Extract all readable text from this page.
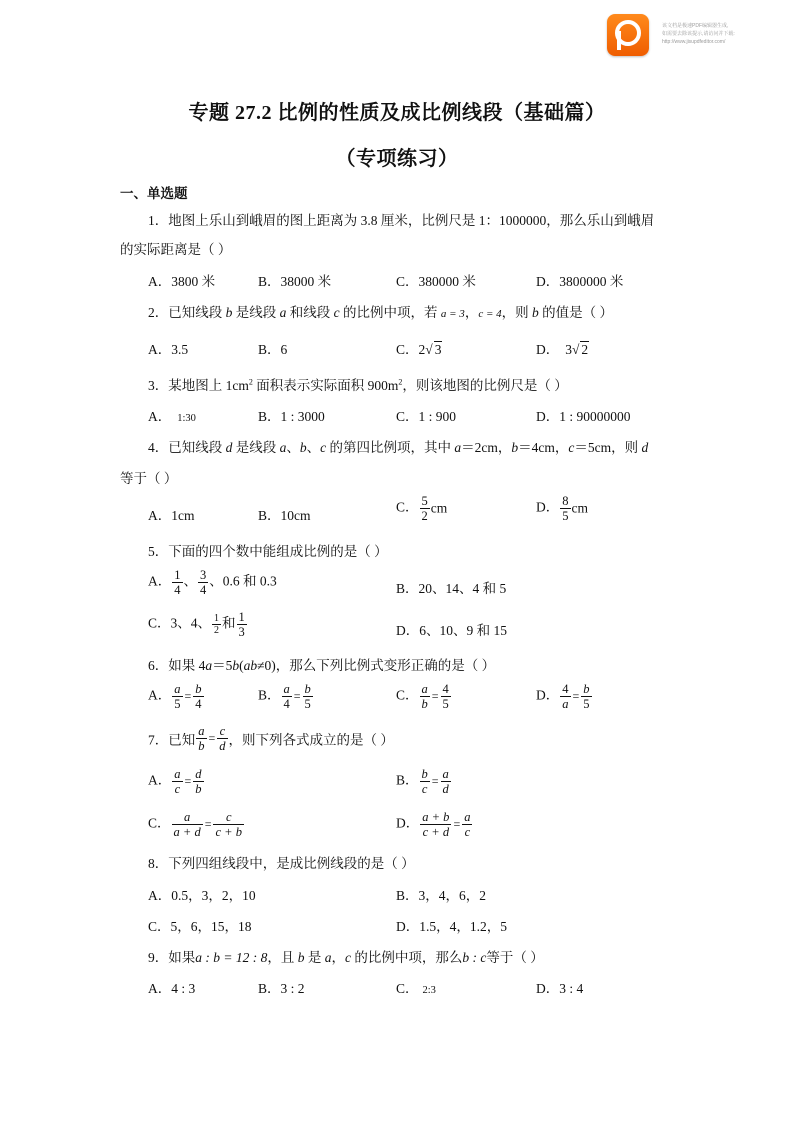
该文档是极速PDF编辑器生成,
如需要去除该提示,请访问并下载:
http://www.jisupdfeditor.com/
专题 27.2 比例的性质及成比例线段（基础篇）
（专项练习）
一、单选题
1．地图上乐山到峨眉的图上距离为 3.8 厘米，比例尺是 1：1000000，那么乐山到峨眉
的实际距离是（ ）
A．3800 米	B．38000 米	C．380000 米	D．3800000 米
2．已知线段 b 是线段 a 和线段 c 的比例中项，若 a = 3，c = 4，则 b 的值是（ ）
A．3.5	B．6	C．2√ 3	D． 3√ 2
3．某地图上 $1cm^2$ 面积表示实际面积 $900m^2$，则该地图的比例尺是（ ）
A． 1:30	B．1 : 3000	C．1 : 900	D．1 : 90000000
4．已知线段 d 是线段 a、b、c 的第四比例项，其中 a＝2cm，b＝4cm，c＝5cm，则 d
等于（ ）
A．1cm	B．10cm
C． $\frac{5}{2}$ cm	D． $\frac{8}{5}$ cm
5．下面的四个数中能组成比例的是（ ）
A． $\frac{1}{4}$ 、 $\frac{3}{4}$ 、0.6 和 0.3	B．20、14、4 和 5
C．3、4、 $\frac{1}{2}$ 和 $\frac{1}{3}$	D．6、10、9 和 15
6．如果 4a＝5b(ab≠0)，那么下列比例式变形正确的是（ ）
A． $\frac{a}{5} = \frac{b}{4}$	B． $\frac{a}{4} = \frac{b}{5}$	C． $\frac{a}{b} = \frac{4}{5}$	D． $\frac{4}{a} = \frac{b}{5}$
7．已知 $\frac{a}{b} = \frac{c}{d}$ ，则下列各式成立的是（ ）
A． $\frac{a}{c} = \frac{d}{b}$	B． $\frac{b}{c} = \frac{a}{d}$
C． $\frac{a}{a + d} = \frac{c}{c + b}$	D． $\frac{a + b}{c + d} = \frac{a}{c}$
8．下列四组线段中，是成比例线段的是（ ）
A．0.5，3，2，10	B．3，4，6，2
C．5，6，15，18	D．1.5，4，1.2，5
9．如果a : b = 12 : 8，且 b 是 a，c 的比例中项，那么b : c等于（ ）
A．4 : 3	B．3 : 2	C． 2:3	D．3 : 4
